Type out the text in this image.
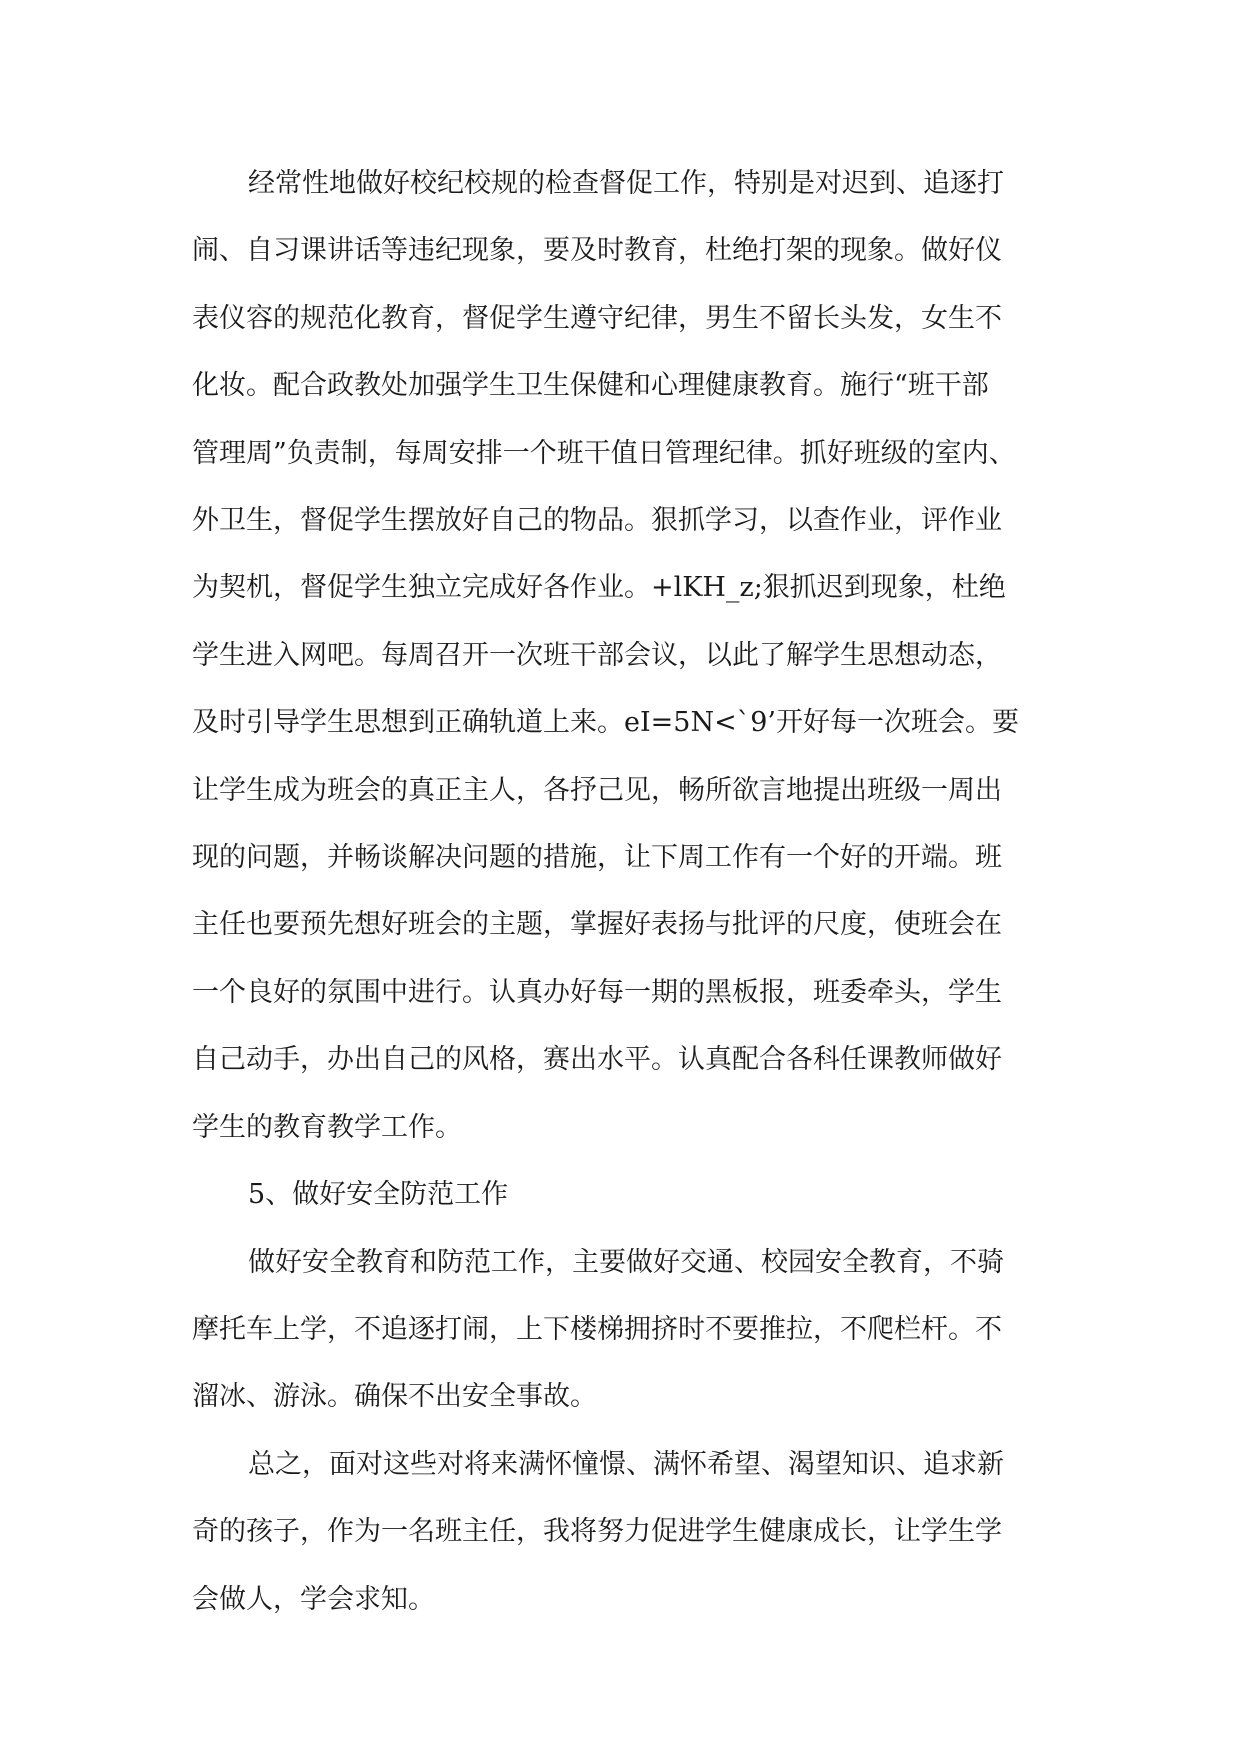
经常性地做好校纪校规的检查督促工作，特别是对迟到、追逐打
闹、自习课讲话等违纪现象，要及时教育，杜绝打架的现象。做好仪
表仪容的规范化教育，督促学生遵守纪律，男生不留长头发，女生不
化妆。配合政教处加强学生卫生保健和心理健康教育。施行“班干部
管理周”负责制，每周安排一个班干值日管理纪律。抓好班级的室内、
外卫生，督促学生摆放好自己的物品。狠抓学习，以查作业，评作业
为契机，督促学生独立完成好各作业。+lKH_z;狠抓迟到现象，杜绝
学生进入网吧。每周召开一次班干部会议，以此了解学生思想动态，
及时引导学生思想到正确轨道上来。eI=5N<`9’开好每一次班会。要
让学生成为班会的真正主人，各抒己见，畅所欲言地提出班级一周出
现的问题，并畅谈解决问题的措施，让下周工作有一个好的开端。班
主任也要预先想好班会的主题，掌握好表扬与批评的尺度，使班会在
一个良好的氛围中进行。认真办好每一期的黑板报，班委牵头，学生
自己动手，办出自己的风格，赛出水平。认真配合各科任课教师做好
学生的教育教学工作。
5、做好安全防范工作
做好安全教育和防范工作，主要做好交通、校园安全教育，不骑
摩托车上学，不追逐打闹，上下楼梯拥挤时不要推拉，不爬栏杆。不
溜冰、游泳。确保不出安全事故。
总之，面对这些对将来满怀憧憬、满怀希望、渴望知识、追求新
奇的孩子，作为一名班主任，我将努力促进学生健康成长，让学生学
会做人，学会求知。
